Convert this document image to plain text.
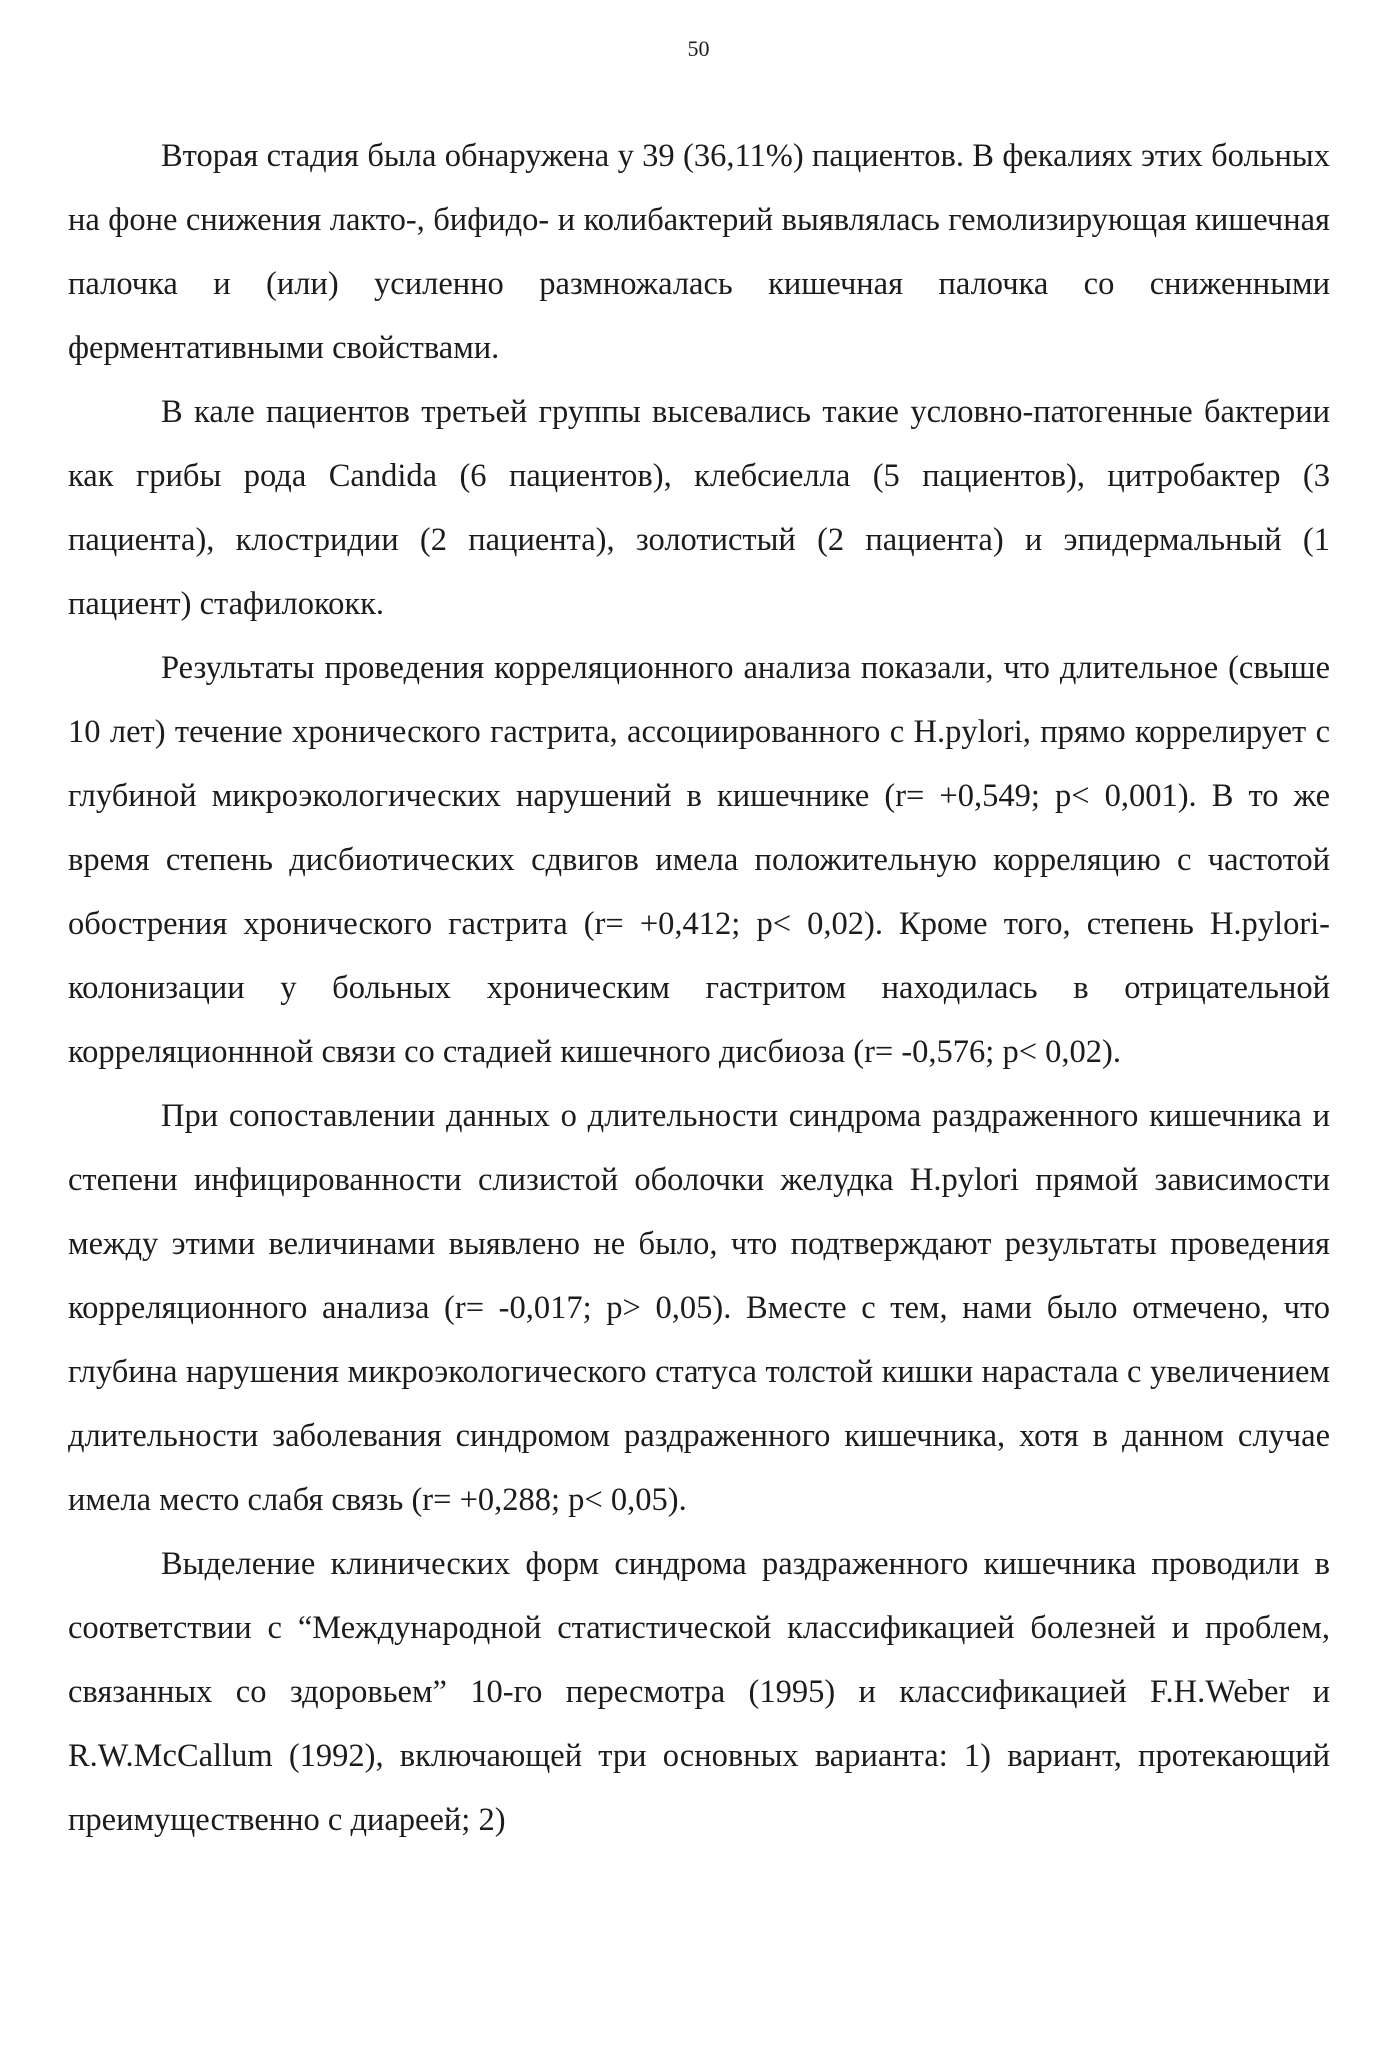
50

Вторая стадия была обнаружена у 39 (36,11%) пациентов. В фекалиях этих больных на фоне снижения лакто-, бифидо- и колибактерий выявлялась гемолизирующая кишечная палочка и (или) усиленно размножалась кишечная палочка со сниженными ферментативными свойствами.

В кале пациентов третьей группы высевались такие условно-патогенные бактерии как грибы рода Candida (6 пациентов), клебсиелла (5 пациентов), цитробактер (3 пациента), клостридии (2 пациента), золотистый (2 пациента) и эпидермальный (1 пациент) стафилококк.

Результаты проведения корреляционного анализа показали, что длительное (свыше 10 лет) течение хронического гастрита, ассоциированного с H.pylori, прямо коррелирует с глубиной микроэкологических нарушений в кишечнике (r= +0,549; p< 0,001). В то же время степень дисбиотических сдвигов имела положительную корреляцию с частотой обострения хронического гастрита (r= +0,412; p< 0,02). Кроме того, степень H.pylori-колонизации у больных хроническим гастритом находилась в отрицательной корреляционнной связи со стадией кишечного дисбиоза (r= -0,576; p< 0,02).

При сопоставлении данных о длительности синдрома раздраженного кишечника и степени инфицированности слизистой оболочки желудка H.pylori прямой зависимости между этими величинами выявлено не было, что подтверждают результаты проведения корреляционного анализа (r= -0,017; p> 0,05). Вместе с тем, нами было отмечено, что глубина нарушения микроэкологического статуса толстой кишки нарастала с увеличением длительности заболевания синдромом раздраженного кишечника, хотя в данном случае имела место слабя связь (r= +0,288; p< 0,05).

Выделение клинических форм синдрома раздраженного кишечника проводили в соответствии с “Международной статистической классификацией болезней и проблем, связанных со здоровьем” 10-го пересмотра (1995) и классификацией F.H.Weber и R.W.McCallum (1992), включающей три основных варианта: 1) вариант, протекающий преимущественно с диареей; 2)
